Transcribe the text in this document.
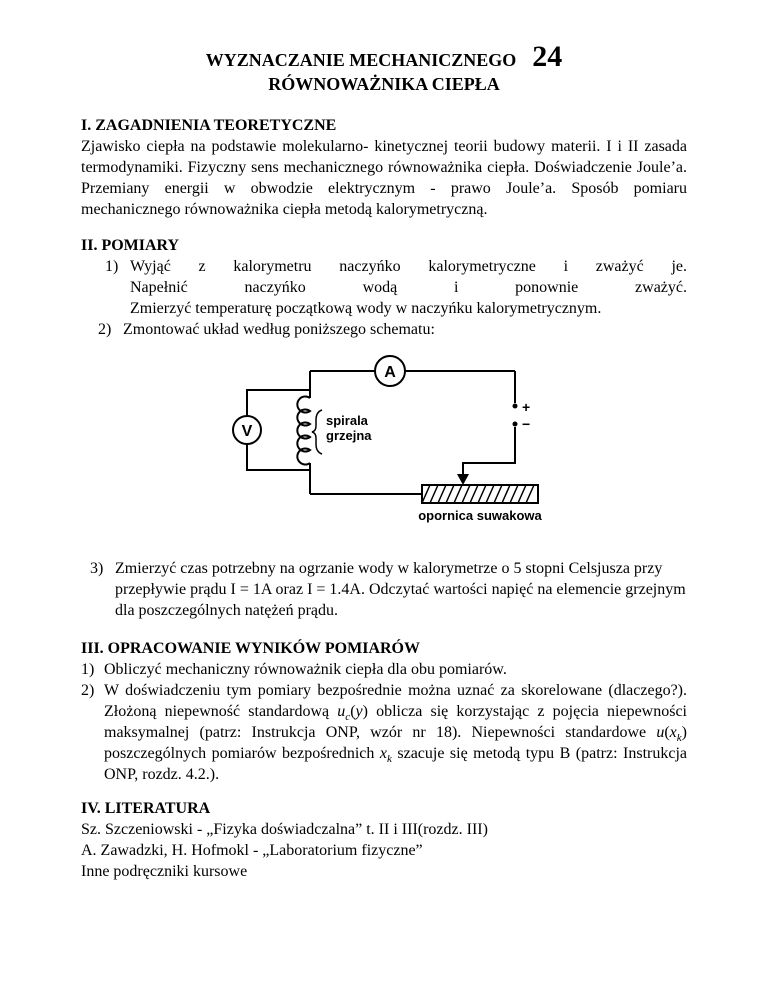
WYZNACZANIE MECHANICZNEGO 24
RÓWNOWAŻNIKA CIEPŁA
I. ZAGADNIENIA TEORETYCZNE

Zjawisko ciepła na podstawie molekularno- kinetycznej teorii budowy materii. I i II zasada termodynamiki. Fizyczny sens mechanicznego równoważnika ciepła. Doświadczenie Joule’a. Przemiany energii w obwodzie elektrycznym - prawo Joule’a. Sposób pomiaru mechanicznego równoważnika ciepła metodą kalorymetryczną.

II. POMIARY
1) Wyjąć z kalorymetru naczyńko kalorymetryczne i zważyć je.
Napełnić naczyńko wodą i ponownie zważyć.
Zmierzyć temperaturę początkową wody w naczyńku kalorymetrycznym.
2) Zmontować układ według poniższego schematu:
A
V
+
−
spirala
grzejna
opornica suwakowa
3) Zmierzyć czas potrzebny na ogrzanie wody w kalorymetrze o 5 stopni Celsjusza przy przepływie prądu I = 1A oraz I = 1.4A. Odczytać wartości napięć na elemencie grzejnym dla poszczególnych natężeń prądu.
III. OPRACOWANIE WYNIKÓW POMIARÓW
1) Obliczyć mechaniczny równoważnik ciepła dla obu pomiarów.
2) W doświadczeniu tym pomiary bezpośrednie można uznać za skorelowane (dlaczego?). Złożoną niepewność standardową $u_c(y)$ oblicza się korzystając z pojęcia niepewności maksymalnej (patrz: Instrukcja ONP, wzór nr 18). Niepewności standardowe $u(x_k)$ poszczególnych pomiarów bezpośrednich $x_k$ szacuje się metodą typu B (patrz: Instrukcja ONP, rozdz. 4.2.).
IV. LITERATURA
Sz. Szczeniowski - „Fizyka doświadczalna” t. II i III(rozdz. III)
A. Zawadzki, H. Hofmokl - „Laboratorium fizyczne”
Inne podręczniki kursowe
